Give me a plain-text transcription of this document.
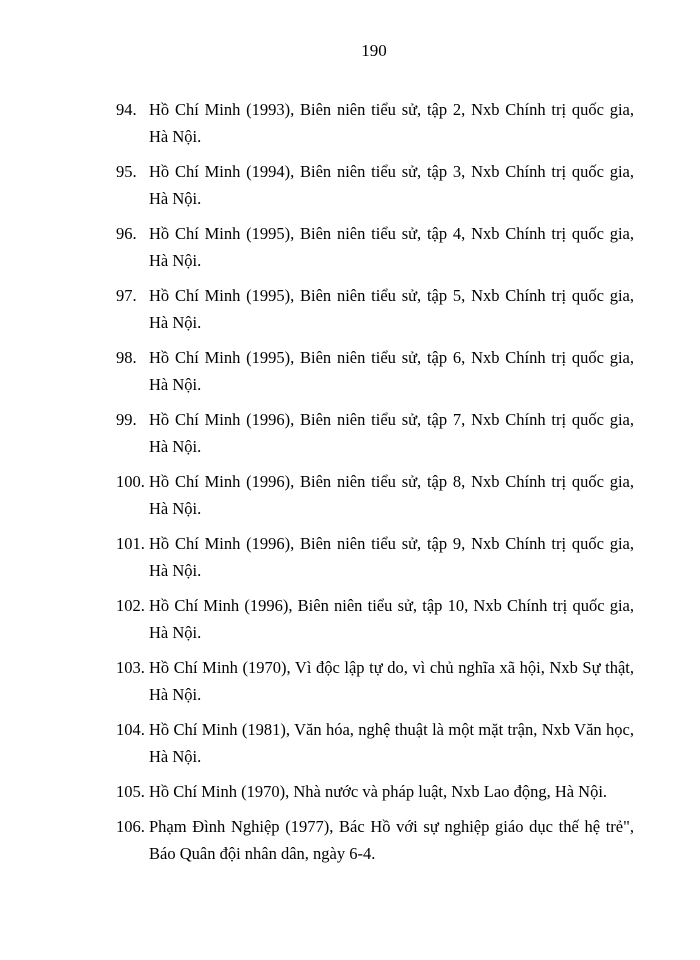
190
94. Hồ Chí Minh (1993), Biên niên tiểu sử, tập 2, Nxb Chính trị quốc gia, Hà Nội.
95. Hồ Chí Minh (1994), Biên niên tiểu sử, tập 3, Nxb Chính trị quốc gia, Hà Nội.
96. Hồ Chí Minh (1995), Biên niên tiểu sử, tập 4, Nxb Chính trị quốc gia, Hà Nội.
97. Hồ Chí Minh (1995), Biên niên tiểu sử, tập 5, Nxb Chính trị quốc gia, Hà Nội.
98. Hồ Chí Minh (1995), Biên niên tiểu sử, tập 6, Nxb Chính trị quốc gia, Hà Nội.
99. Hồ Chí Minh (1996), Biên niên tiểu sử, tập 7, Nxb Chính trị quốc gia, Hà Nội.
100. Hồ Chí Minh (1996), Biên niên tiểu sử, tập 8, Nxb Chính trị quốc gia, Hà Nội.
101. Hồ Chí Minh (1996), Biên niên tiểu sử, tập 9, Nxb Chính trị quốc gia, Hà Nội.
102. Hồ Chí Minh (1996), Biên niên tiểu sử, tập 10, Nxb Chính trị quốc gia, Hà Nội.
103. Hồ Chí Minh (1970), Vì độc lập tự do, vì chủ nghĩa xã hội, Nxb Sự thật, Hà Nội.
104. Hồ Chí Minh (1981), Văn hóa, nghệ thuật là một mặt trận, Nxb Văn học, Hà Nội.
105. Hồ Chí Minh (1970), Nhà nước và pháp luật, Nxb Lao động, Hà Nội.
106. Phạm Đình Nghiệp (1977), Bác Hồ với sự nghiệp giáo dục thế hệ trẻ", Báo Quân đội nhân dân, ngày 6-4.
